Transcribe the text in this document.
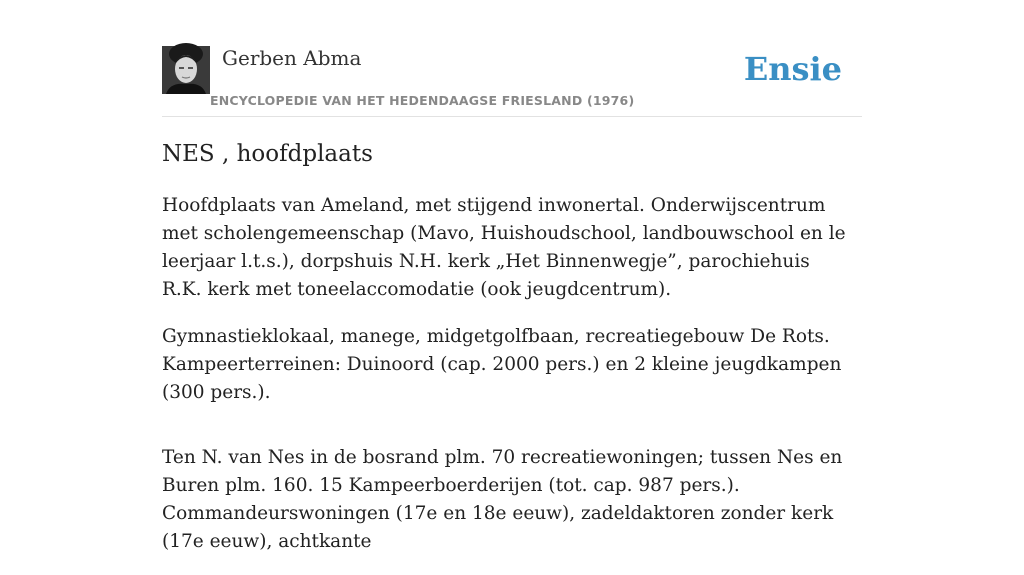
Gerben Abma
ENCYCLOPEDIE VAN HET HEDENDAAGSE FRIESLAND (1976)
Ensie
NES , hoofdplaats

Hoofdplaats van Ameland, met stijgend inwonertal. Onderwijscentrum met scholengemeenschap (Mavo, Huishoudschool, landbouwschool en le leerjaar l.t.s.), dorpshuis N.H. kerk „Het Binnenwegje”, parochiehuis R.K. kerk met toneelaccomodatie (ook jeugdcentrum).

Gymnastieklokaal, manege, midgetgolfbaan, recreatiegebouw De Rots. Kampeerterreinen: Duinoord (cap. 2000 pers.) en 2 kleine jeugdkampen (300 pers.).

Ten N. van Nes in de bosrand plm. 70 recreatiewoningen; tussen Nes en Buren plm. 160. 15 Kampeerboerderijen (tot. cap. 987 pers.). Commandeurswoningen (17e en 18e eeuw), zadeldaktoren zonder kerk (17e eeuw), achtkante
